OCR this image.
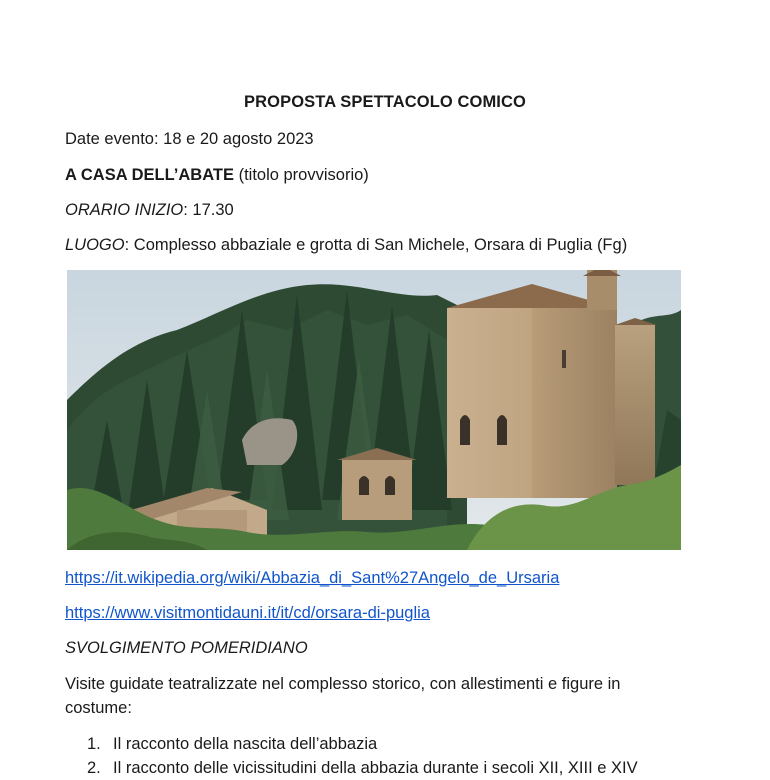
PROPOSTA SPETTACOLO COMICO
Date evento: 18 e 20 agosto 2023
A CASA DELL’ABATE (titolo provvisorio)
ORARIO INIZIO: 17.30
LUOGO: Complesso abbaziale e grotta di San Michele, Orsara di Puglia (Fg)
https://it.wikipedia.org/wiki/Abbazia_di_Sant%27Angelo_de_Ursaria
https://www.visitmontidauni.it/it/cd/orsara-di-puglia
SVOLGIMENTO POMERIDIANO
Visite guidate teatralizzate nel complesso storico, con allestimenti e figure in costume:
1. Il racconto della nascita dell’abbazia
2. Il racconto delle vicissitudini della abbazia durante i secoli XII, XIII e XIV
